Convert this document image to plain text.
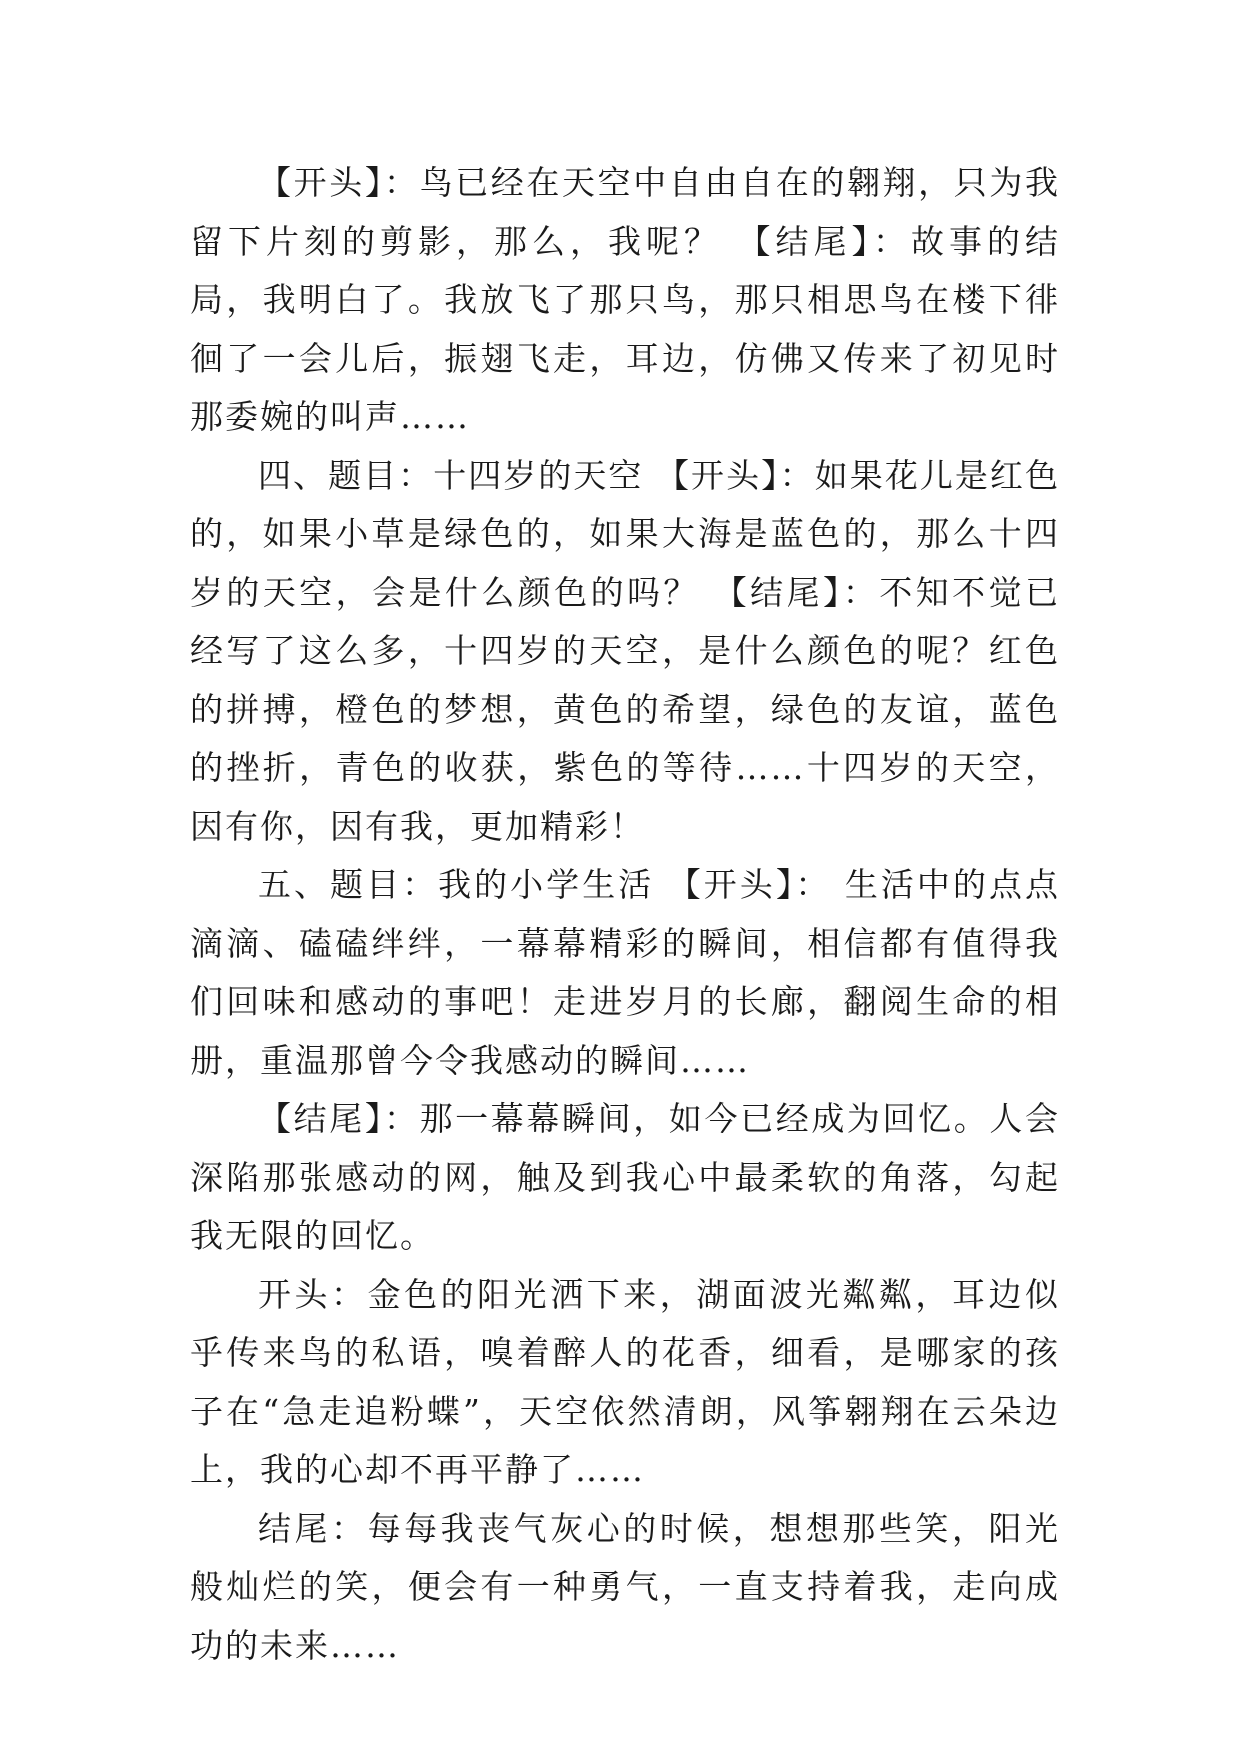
【开头】：鸟已经在天空中自由自在的翱翔，只为我留下片刻的剪影，那么，我呢？ 【结尾】：故事的结局，我明白了。我放飞了那只鸟，那只相思鸟在楼下徘徊了一会儿后，振翅飞走，耳边，仿佛又传来了初见时那委婉的叫声……

四、题目：十四岁的天空 【开头】：如果花儿是红色的，如果小草是绿色的，如果大海是蓝色的，那么十四岁的天空，会是什么颜色的吗？ 【结尾】：不知不觉已经写了这么多，十四岁的天空，是什么颜色的呢？红色的拼搏，橙色的梦想，黄色的希望，绿色的友谊，蓝色的挫折，青色的收获，紫色的等待……十四岁的天空，因有你，因有我，更加精彩！

五、题目：我的小学生活 【开头】： 生活中的点点滴滴、磕磕绊绊，一幕幕精彩的瞬间，相信都有值得我们回味和感动的事吧！走进岁月的长廊，翻阅生命的相册，重温那曾今令我感动的瞬间……

【结尾】：那一幕幕瞬间，如今已经成为回忆。人会深陷那张感动的网，触及到我心中最柔软的角落，勾起我无限的回忆。

开头：金色的阳光洒下来，湖面波光粼粼，耳边似乎传来鸟的私语，嗅着醉人的花香，细看，是哪家的孩子在“急走追粉蝶”，天空依然清朗，风筝翱翔在云朵边上，我的心却不再平静了……

结尾：每每我丧气灰心的时候，想想那些笑，阳光般灿烂的笑，便会有一种勇气，一直支持着我，走向成功的未来……
